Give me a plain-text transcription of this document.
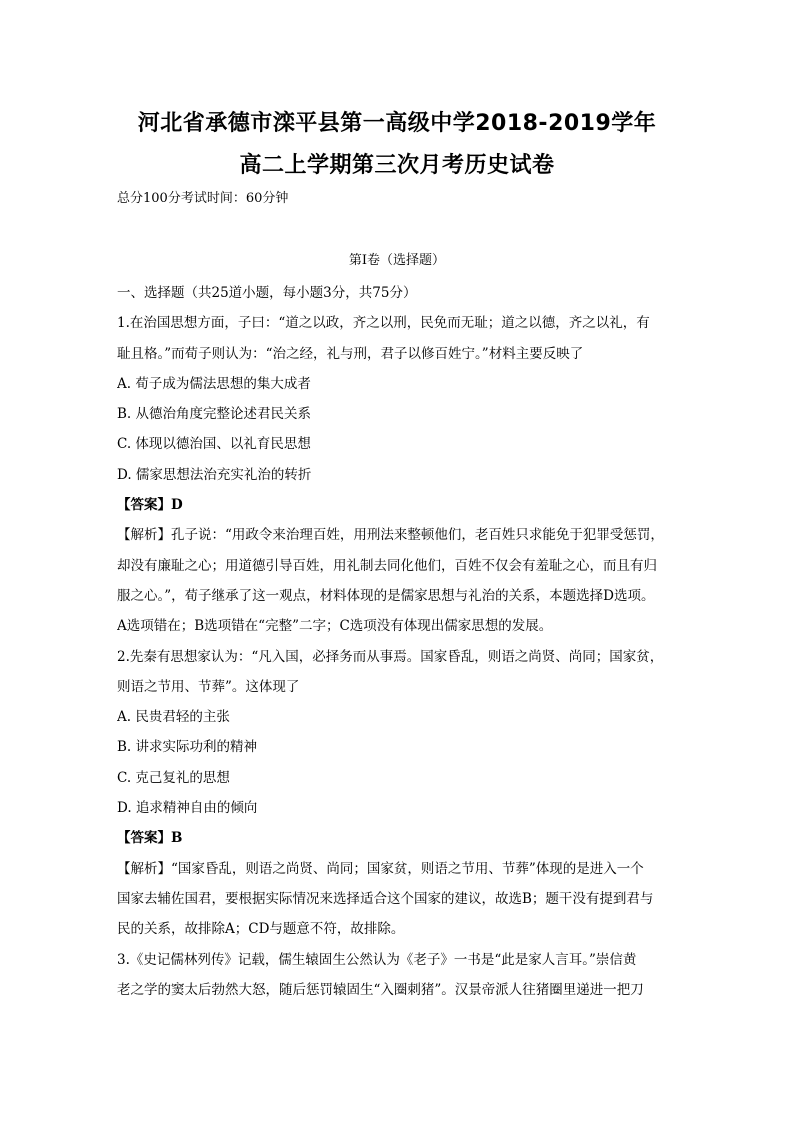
河北省承德市滦平县第一高级中学2018-2019学年
高二上学期第三次月考历史试卷
总分100分考试时间：60分钟
第Ⅰ卷（选择题）
一、选择题（共25道小题，每小题3分，共75分）
1.在治国思想方面，子曰：“道之以政，齐之以刑，民免而无耻；道之以德，齐之以礼，有
耻且格。”而荀子则认为：“治之经，礼与刑，君子以修百姓宁。”材料主要反映了
A. 荀子成为儒法思想的集大成者
B. 从德治角度完整论述君民关系
C. 体现以德治国、以礼育民思想
D. 儒家思想法治充实礼治的转折
【答案】D
【解析】孔子说：“用政令来治理百姓，用刑法来整顿他们，老百姓只求能免于犯罪受惩罚，
却没有廉耻之心；用道德引导百姓，用礼制去同化他们，百姓不仅会有羞耻之心，而且有归
服之心。”，荀子继承了这一观点，材料体现的是儒家思想与礼治的关系，本题选择D选项。
A选项错在；B选项错在“完整”二字；C选项没有体现出儒家思想的发展。
2.先秦有思想家认为：“凡入国，必择务而从事焉。国家昏乱，则语之尚贤、尚同；国家贫，
则语之节用、节葬”。这体现了
A. 民贵君轻的主张
B. 讲求实际功利的精神
C. 克己复礼的思想
D. 追求精神自由的倾向
【答案】B
【解析】“国家昏乱，则语之尚贤、尚同；国家贫，则语之节用、节葬”体现的是进入一个
国家去辅佐国君，要根据实际情况来选择适合这个国家的建议，故选B；题干没有提到君与
民的关系，故排除A；CD与题意不符，故排除。
3.《史记儒林列传》记载，儒生辕固生公然认为《老子》一书是“此是家人言耳。”崇信黄
老之学的窦太后勃然大怒，随后惩罚辕固生“入圈刺猪”。汉景帝派人往猪圈里递进一把刀
